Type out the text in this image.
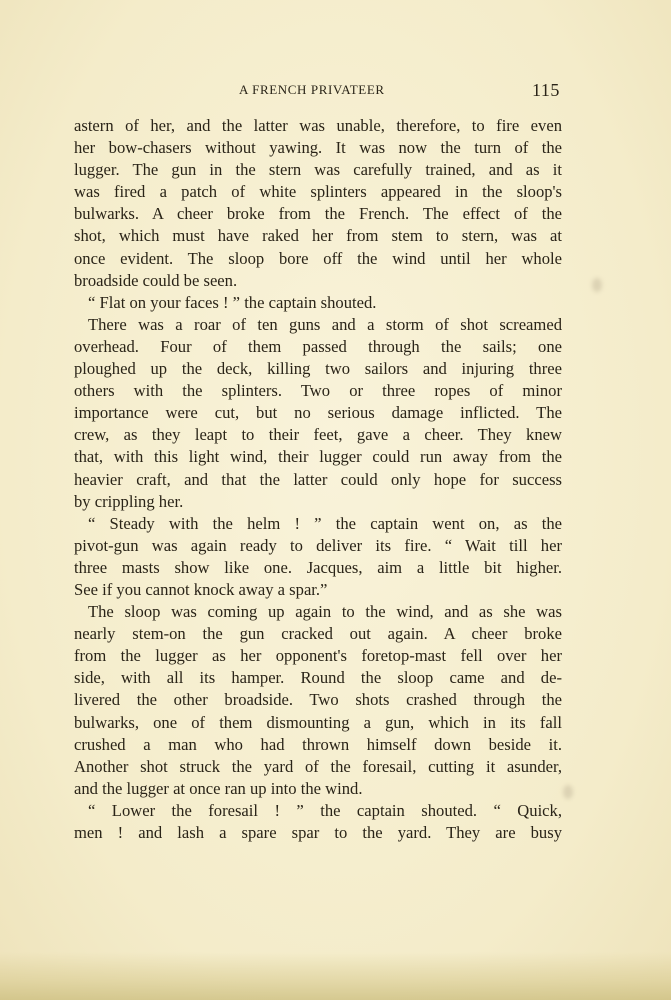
A FRENCH PRIVATEER	115
astern of her, and the latter was unable, therefore, to fire even
her bow-chasers without yawing. It was now the turn of the
lugger. The gun in the stern was carefully trained, and as it
was fired a patch of white splinters appeared in the sloop's
bulwarks. A cheer broke from the French. The effect of the
shot, which must have raked her from stem to stern, was at
once evident. The sloop bore off the wind until her whole
broadside could be seen.
“ Flat on your faces ! ” the captain shouted.
There was a roar of ten guns and a storm of shot screamed
overhead. Four of them passed through the sails; one
ploughed up the deck, killing two sailors and injuring three
others with the splinters. Two or three ropes of minor
importance were cut, but no serious damage inflicted. The
crew, as they leapt to their feet, gave a cheer. They knew
that, with this light wind, their lugger could run away from the
heavier craft, and that the latter could only hope for success
by crippling her.
“ Steady with the helm ! ” the captain went on, as the
pivot-gun was again ready to deliver its fire. “ Wait till her
three masts show like one. Jacques, aim a little bit higher.
See if you cannot knock away a spar.”
The sloop was coming up again to the wind, and as she was
nearly stem-on the gun cracked out again. A cheer broke
from the lugger as her opponent's foretop-mast fell over her
side, with all its hamper. Round the sloop came and de-
livered the other broadside. Two shots crashed through the
bulwarks, one of them dismounting a gun, which in its fall
crushed a man who had thrown himself down beside it.
Another shot struck the yard of the foresail, cutting it asunder,
and the lugger at once ran up into the wind.
“ Lower the foresail ! ” the captain shouted. “ Quick,
men ! and lash a spare spar to the yard. They are busy
